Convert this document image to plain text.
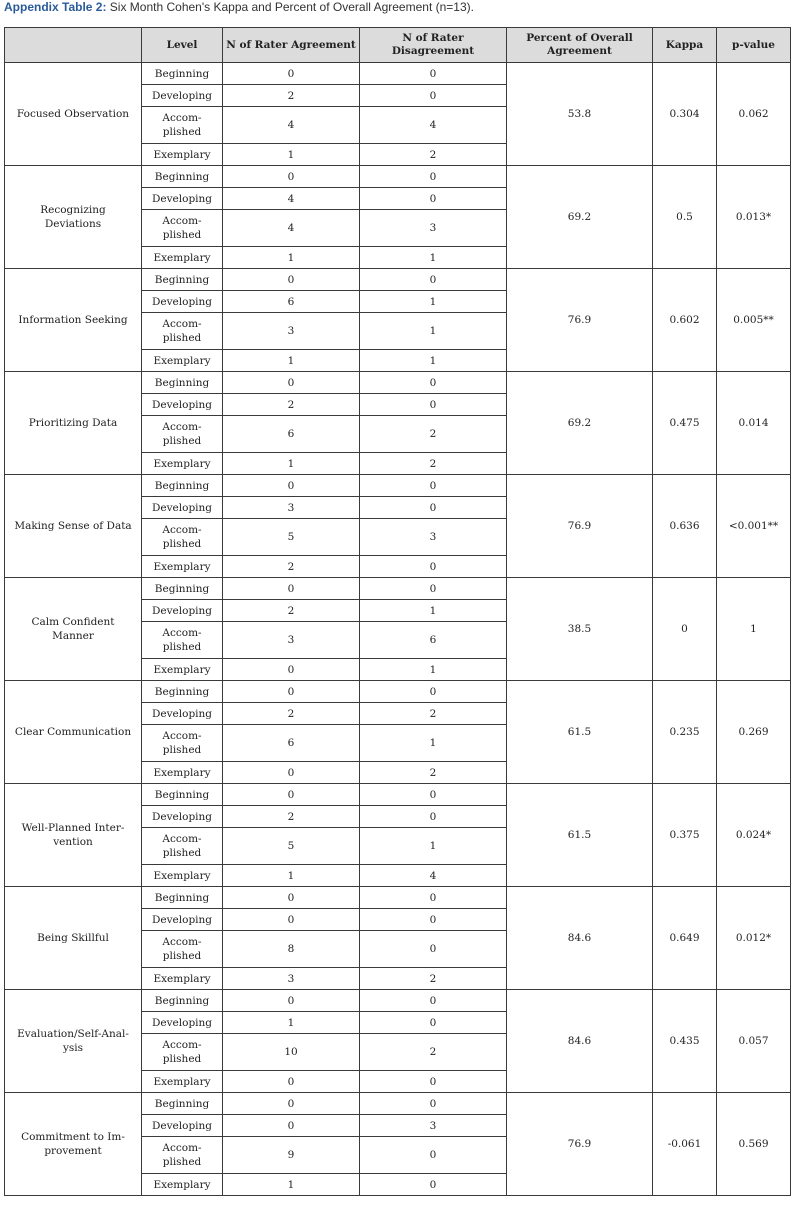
Appendix Table 2: Six Month Cohen's Kappa and Percent of Overall Agreement (n=13).
	Level	N of Rater Agreement	N of Rater Disagreement	Percent of Overall Agreement	Kappa	p-value
Focused Observation	Beginning	0	0	53.8	0.304	0.062
	Developing	2	0			
	Accom-plished	4	4			
	Exemplary	1	2			
Recognizing Deviations	Beginning	0	0	69.2	0.5	0.013*
	Developing	4	0			
	Accom-plished	4	3			
	Exemplary	1	1			
Information Seeking	Beginning	0	0	76.9	0.602	0.005**
	Developing	6	1			
	Accom-plished	3	1			
	Exemplary	1	1			
Prioritizing Data	Beginning	0	0	69.2	0.475	0.014
	Developing	2	0			
	Accom-plished	6	2			
	Exemplary	1	2			
Making Sense of Data	Beginning	0	0	76.9	0.636	<0.001**
	Developing	3	0			
	Accom-plished	5	3			
	Exemplary	2	0			
Calm Confident Manner	Beginning	0	0	38.5	0	1
	Developing	2	1			
	Accom-plished	3	6			
	Exemplary	0	1			
Clear Communication	Beginning	0	0	61.5	0.235	0.269
	Developing	2	2			
	Accom-plished	6	1			
	Exemplary	0	2			
Well-Planned Inter-vention	Beginning	0	0	61.5	0.375	0.024*
	Developing	2	0			
	Accom-plished	5	1			
	Exemplary	1	4			
Being Skillful	Beginning	0	0	84.6	0.649	0.012*
	Developing	0	0			
	Accom-plished	8	0			
	Exemplary	3	2			
Evaluation/Self-Anal-ysis	Beginning	0	0	84.6	0.435	0.057
	Developing	1	0			
	Accom-plished	10	2			
	Exemplary	0	0			
Commitment to Im-provement	Beginning	0	0	76.9	-0.061	0.569
	Developing	0	3			
	Accom-plished	9	0			
	Exemplary	1	0			
